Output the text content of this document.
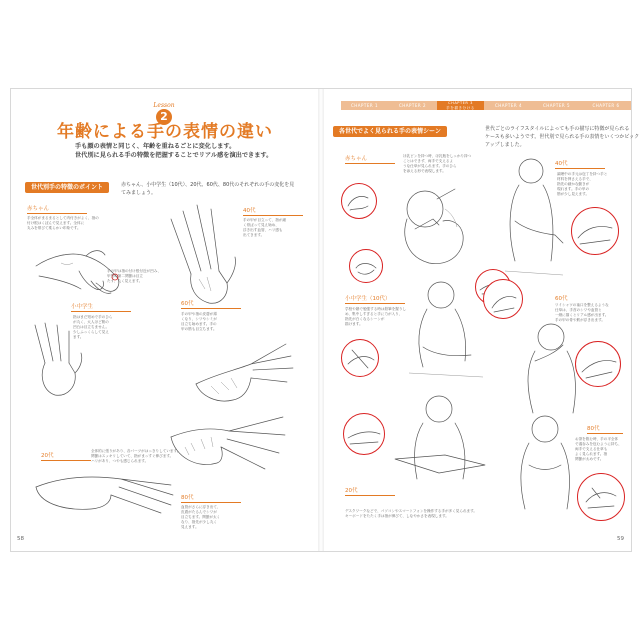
Lesson
2
年齢による手の表情の違い
手も顔の表情と同じく、年齢を重ねるごとに変化します。
世代別に見られる手の特徴を把握することでリアル感を演出できます。
世代別手の特徴のポイント	赤ちゃん、小中学生（10代）、20代、60代、80代のそれぞれの手の変化を見
てみましょう。
赤ちゃん
手全体がまるまるとして肉付きがよく、指の
付け根はくぼんで見えます。全体に
丸みを帯びて柔らかい印象です。
手の甲は指の付け根付近が凹み、
甲型の第二関節は目立
たず、丸く見えます。
40代
手の甲が目立って、指が細
く骨ばって見え始め、
浮き出す血管、ハリ感も
出てきます。
小中学生
指はまだ短めで手のひら
が丸く、大人ほど筋の
凹凸は目立ちません。
少しふっくらして見え
ます。
60代
手の甲や指の皮膚が薄
くなり、シワやシミが
目立ち始めます。手の
甲の筋も目立ちます。
20代
全体的に張りがあり、各パーツがはっきりしています。
関節はスッキリしていて、指がまっすぐ伸びます。
ハリがあり、つやも感じられます。
80代
血管がさらに浮き出て、
皮膚がたるんでシワが
目立ちます。関節が太く
なり、指先が少し丸く
見えます。
58
CHAPTER 1	CHAPTER 2	CHAPTER 3
手を描き分ける	CHAPTER 4	CHAPTER 5	CHAPTER 6
各世代でよく見られる手の表情シーン	世代ごとのライフスタイルによっても手の描写に特徴が見られる
ケースも多いようです。世代別で見られる手の表情をいくつかピック
アップしました。
赤ちゃん	ほ乳ビンを持つ時、ほ乳瓶をしっかり持つ
ことはできず、両手で支えるよ
うな仕草が見られます。手のひら
を添える形で表現します。
40代
調理中の手元は包丁を持つ手と
材料を押さえる手で、
指先の細かな動きが
現れます。手の甲の
筋が少し見えます。
小中学生（10代）
学校や塾で勉強する時は鉛筆を握りし
め、集中しすぎると手に力が入り、
指先が白くなるシーンが
描けます。
60代
ワイシャツの袖口を整えるような
仕草は、手首のシワや血管と
一緒に描くとリアル感が出ます。
手の甲の骨や筋が浮き出ます。
20代
デスクワークなどで、パソコンやスマートフォンを操作する手が多く見られます。
キーボードをたたく手は指が伸びて、しなやかさを表現します。
80代
お茶を飲む時、手の平全体
で湯呑みを包むように持ち、
両手で支える仕草も
よく見られます。指
関節が太めです。
59
